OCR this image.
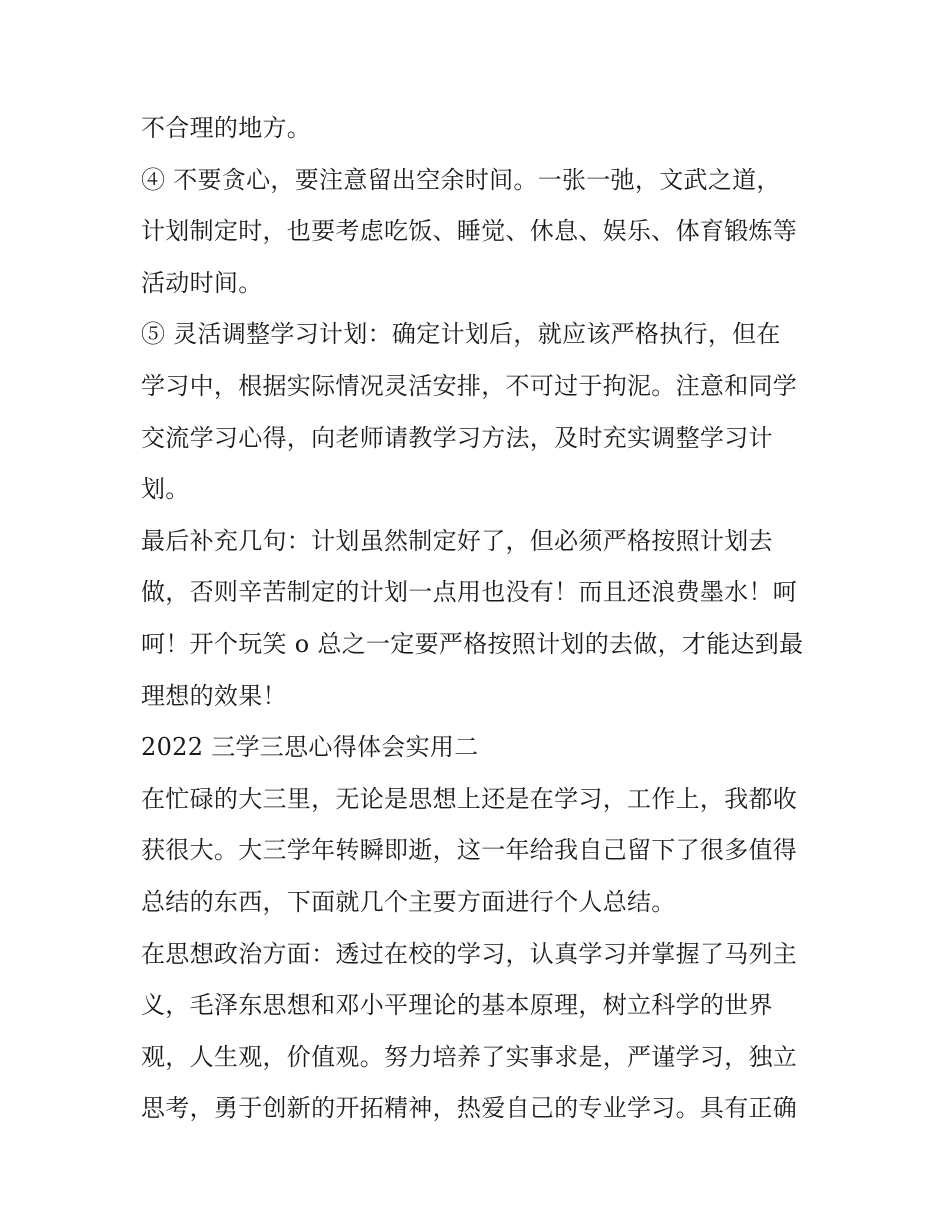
不合理的地方。
④ 不要贪心，要注意留出空余时间。一张一弛，文武之道，
计划制定时，也要考虑吃饭、睡觉、休息、娱乐、体育锻炼等
活动时间。
⑤ 灵活调整学习计划：确定计划后，就应该严格执行，但在
学习中，根据实际情况灵活安排，不可过于拘泥。注意和同学
交流学习心得，向老师请教学习方法，及时充实调整学习计
划。
最后补充几句：计划虽然制定好了，但必须严格按照计划去
做，否则辛苦制定的计划一点用也没有！而且还浪费墨水！呵
呵！开个玩笑 o 总之一定要严格按照计划的去做，才能达到最
理想的效果！
2022 三学三思心得体会实用二
在忙碌的大三里，无论是思想上还是在学习，工作上，我都收
获很大。大三学年转瞬即逝，这一年给我自己留下了很多值得
总结的东西，下面就几个主要方面进行个人总结。
在思想政治方面：透过在校的学习，认真学习并掌握了马列主
义，毛泽东思想和邓小平理论的基本原理，树立科学的世界
观，人生观，价值观。努力培养了实事求是，严谨学习，独立
思考，勇于创新的开拓精神，热爱自己的专业学习。具有正确
